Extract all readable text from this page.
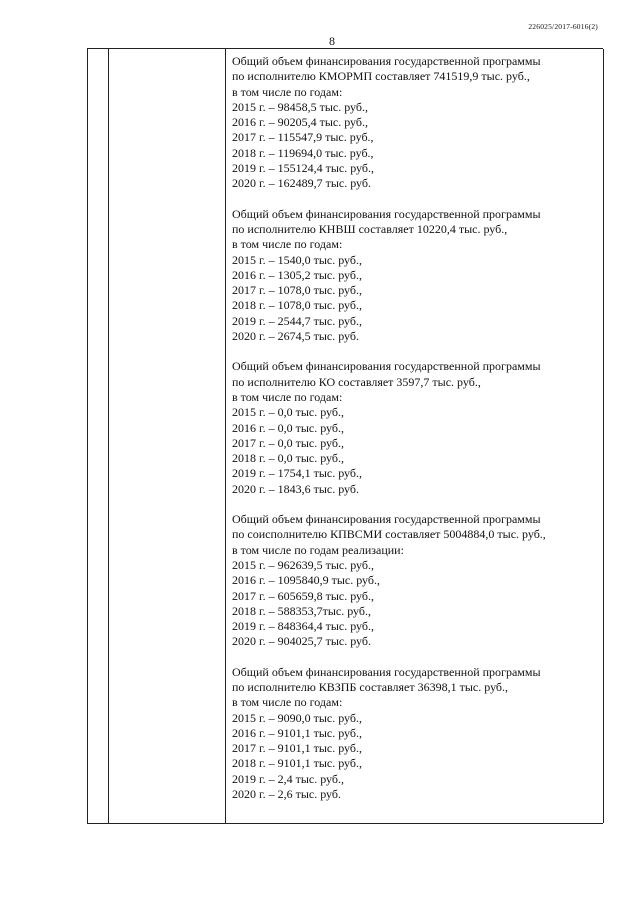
226025/2017-6016(2)
8

Общий объем финансирования государственной программы

по исполнителю КМОРМП составляет 741519,9 тыс. руб.,

в том числе по годам:

2015 г. – 98458,5 тыс. руб.,

2016 г. – 90205,4 тыс. руб.,

2017 г. – 115547,9 тыс. руб.,

2018 г. – 119694,0 тыс. руб.,

2019 г. – 155124,4 тыс. руб.,

2020 г. – 162489,7 тыс. руб.

Общий объем финансирования государственной программы

по исполнителю КНВШ составляет 10220,4 тыс. руб.,

в том числе по годам:

2015 г. – 1540,0 тыс. руб.,

2016 г. – 1305,2 тыс. руб.,

2017 г. – 1078,0 тыс. руб.,

2018 г. – 1078,0 тыс. руб.,

2019 г. – 2544,7 тыс. руб.,

2020 г. – 2674,5 тыс. руб.

Общий объем финансирования государственной программы

по исполнителю КО составляет 3597,7 тыс. руб.,

в том числе по годам:

2015 г. – 0,0 тыс. руб.,

2016 г. – 0,0 тыс. руб.,

2017 г. – 0,0 тыс. руб.,

2018 г. – 0,0 тыс. руб.,

2019 г. – 1754,1 тыс. руб.,

2020 г. – 1843,6 тыс. руб.

Общий объем финансирования государственной программы

по соисполнителю КПВСМИ составляет 5004884,0 тыс. руб.,

в том числе по годам реализации:

2015 г. – 962639,5 тыс. руб.,

2016 г. – 1095840,9 тыс. руб.,

2017 г. – 605659,8 тыс. руб.,

2018 г. – 588353,7тыс. руб.,

2019 г. – 848364,4 тыс. руб.,

2020 г. – 904025,7 тыс. руб.

Общий объем финансирования государственной программы

по исполнителю КВЗПБ составляет 36398,1 тыс. руб.,

в том числе по годам:

2015 г. – 9090,0 тыс. руб.,

2016 г. – 9101,1 тыс. руб.,

2017 г. – 9101,1 тыс. руб.,

2018 г. – 9101,1 тыс. руб.,

2019 г. – 2,4 тыс. руб.,

2020 г. – 2,6 тыс. руб.
